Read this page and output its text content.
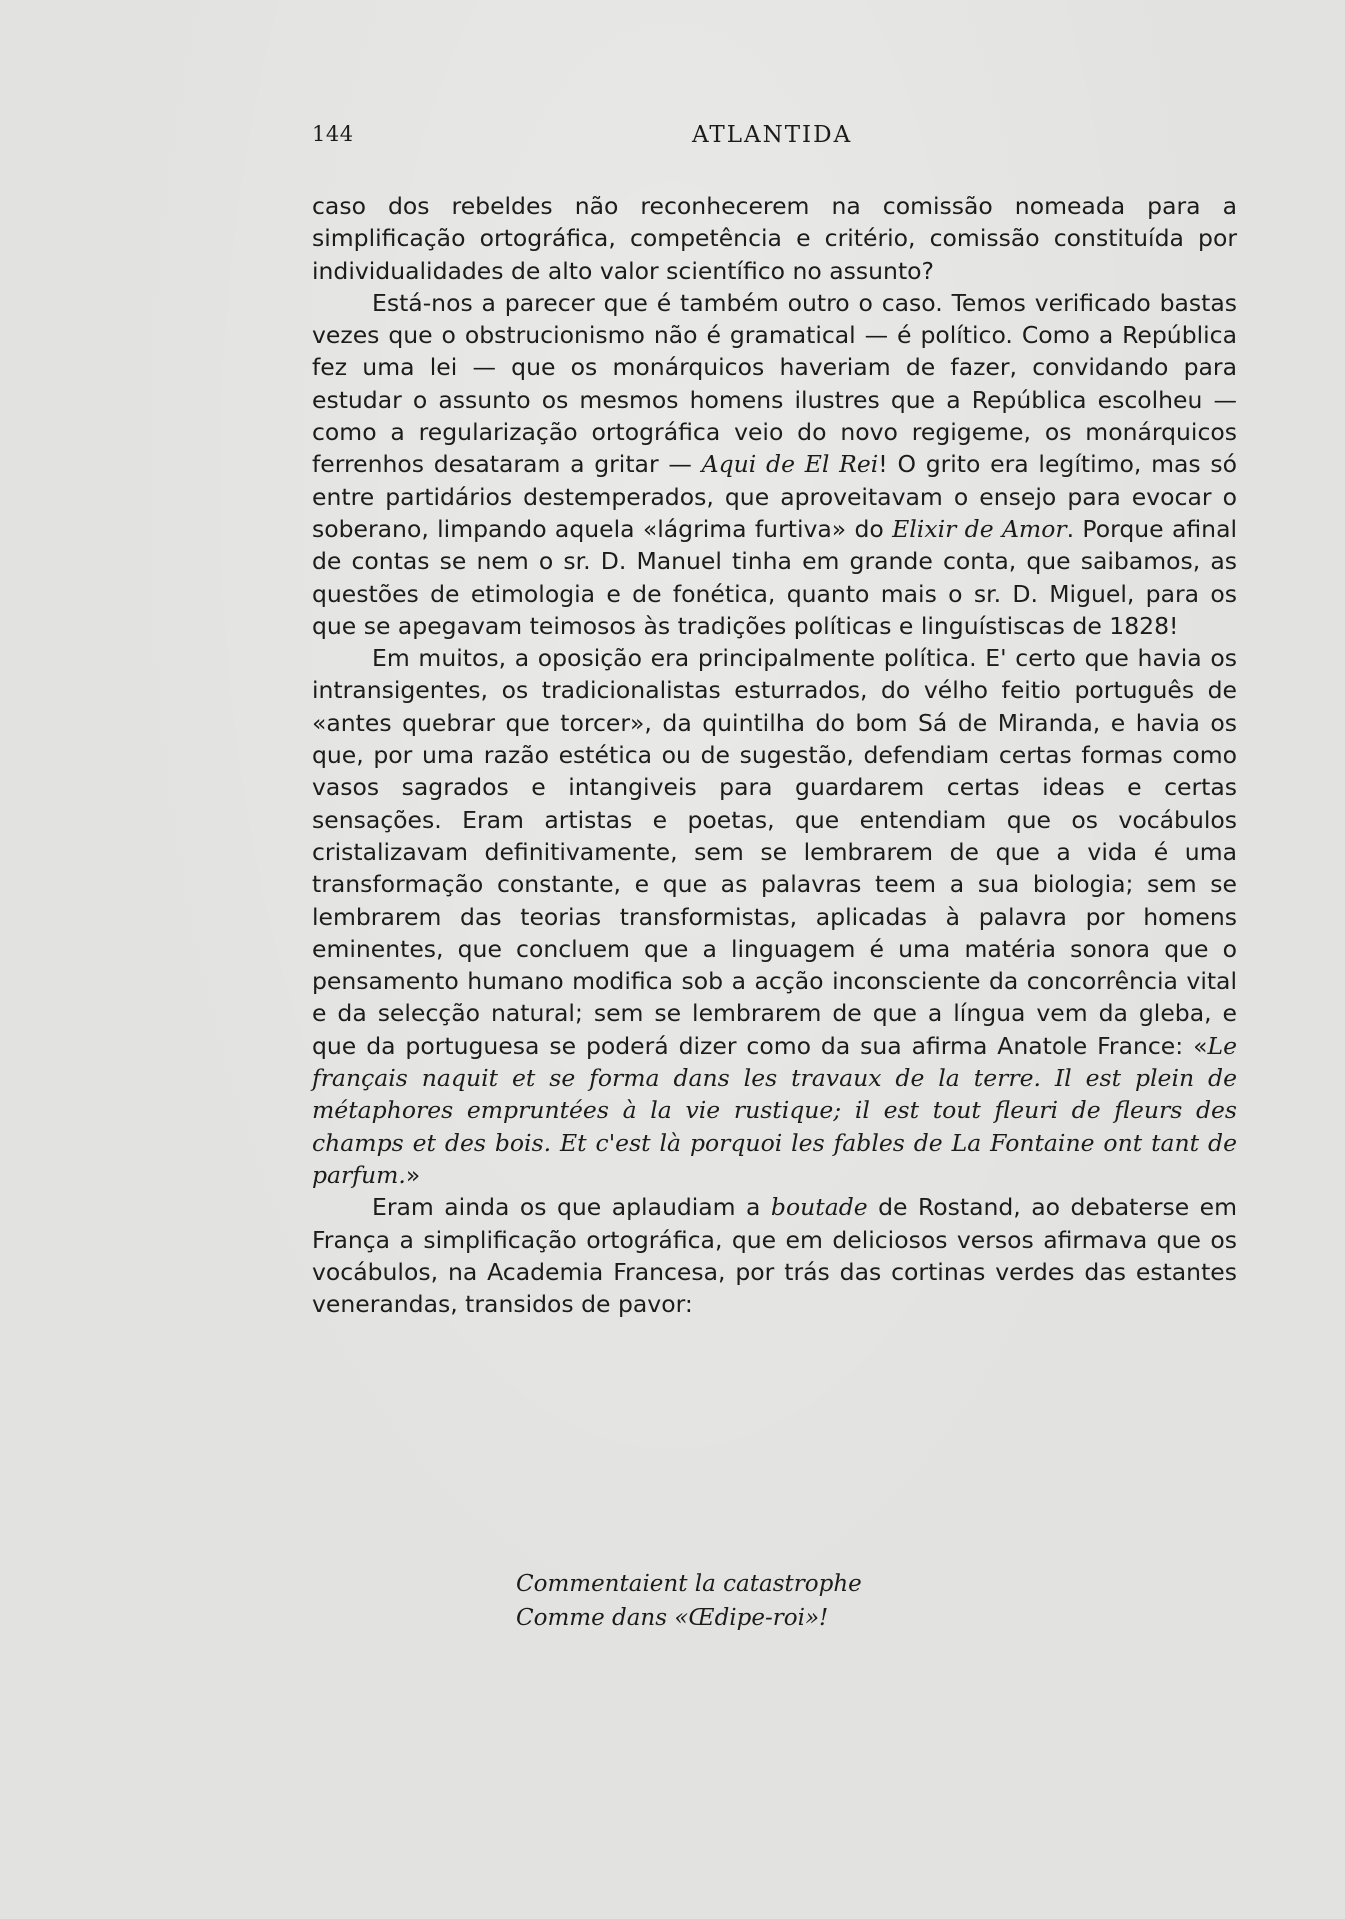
144	ATLANTIDA

caso dos rebeldes não reconhecerem na comissão nomeada para a simplificação ortográfica, competência e critério, comissão constituída por individualidades de alto valor scientífico no assunto?

Está-nos a parecer que é também outro o caso. Temos verificado bastas vezes que o obstrucionismo não é gramatical — é político. Como a República fez uma lei — que os monárquicos haveriam de fazer, convidando para estudar o assunto os mesmos homens ilustres que a República escolheu — como a regularização ortográfica veio do novo regigeme, os monárquicos ferrenhos desataram a gritar — Aqui de El Rei! O grito era legítimo, mas só entre partidários destemperados, que aproveitavam o ensejo para evocar o soberano, limpando aquela «lágrima furtiva» do Elixir de Amor. Porque afinal de contas se nem o sr. D. Manuel tinha em grande conta, que saibamos, as questões de etimologia e de fonética, quanto mais o sr. D. Miguel, para os que se apegavam teimosos às tradições políticas e linguístiscas de 1828!

Em muitos, a oposição era principalmente política. E' certo que havia os intransigentes, os tradicionalistas esturrados, do vélho feitio português de «antes quebrar que torcer», da quintilha do bom Sá de Miranda, e havia os que, por uma razão estética ou de sugestão, defendiam certas formas como vasos sagrados e intangiveis para guardarem certas ideas e certas sensações. Eram artistas e poetas, que entendiam que os vocábulos cristalizavam definitivamente, sem se lembrarem de que a vida é uma transformação constante, e que as palavras teem a sua biologia; sem se lembrarem das teorias transformistas, aplicadas à palavra por homens eminentes, que concluem que a linguagem é uma matéria sonora que o pensamento humano modifica sob a acção inconsciente da concorrência vital e da selecção natural; sem se lembrarem de que a língua vem da gleba, e que da portuguesa se poderá dizer como da sua afirma Anatole France: «Le français naquit et se forma dans les travaux de la terre. Il est plein de métaphores empruntées à la vie rustique; il est tout fleuri de fleurs des champs et des bois. Et c'est là porquoi les fables de La Fontaine ont tant de parfum.»

Eram ainda os que aplaudiam a boutade de Rostand, ao debaterse em França a simplificação ortográfica, que em deliciosos versos afirmava que os vocábulos, na Academia Francesa, por trás das cortinas verdes das estantes venerandas, transidos de pavor:

Commentaient la catastrophe
Comme dans «Œdipe-roi»!
